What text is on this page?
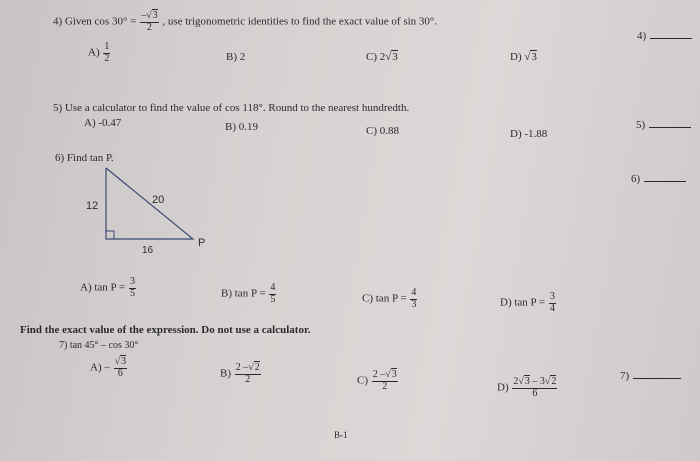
4) Given $\cos 30^\circ = \frac{- √ 3}{2}$ , use trigonometric identities to find the exact value of sin 30°.
4)
$A) \frac{1}{2}$	B) 2	C) 2 √ 3	D) √ 3
5) Use a calculator to find the value of cos 118°. Round to the nearest hundredth.
A) -0.47	B) 0.19	C) 0.88	D) -1.88
5)
6) Find tan P.
6)
12	20
16
P
A) $\tan P = \frac{3}{5}$	B) $\tan P = \frac{4}{5}$	C) $\tan P = \frac{4}{3}$	D) $\tan P = \frac{3}{4}$
Find the exact value of the expression. Do not use a calculator.
7) tan 45° – cos 30°
7)
A) – √ $\frac{3}{6}$	$B) \frac{2 - √ 2}{2}$	$C) \frac{2 - √ 3}{2}$	$D) \frac{2 √ 3 - 3 √ 2}{6}$
B-1
